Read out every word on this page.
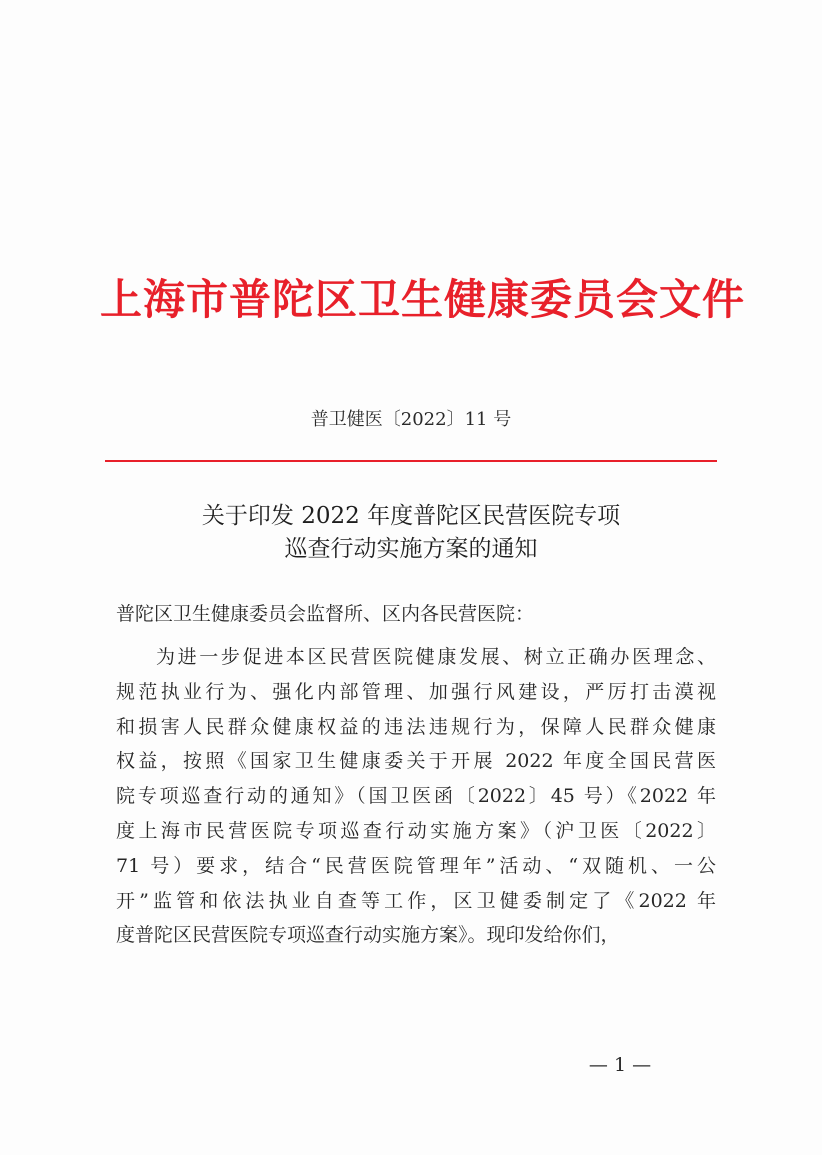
上海市普陀区卫生健康委员会文件
普卫健医〔2022〕11 号
关于印发 2022 年度普陀区民营医院专项
巡查行动实施方案的通知
普陀区卫生健康委员会监督所、区内各民营医院：
为进一步促进本区民营医院健康发展、树立正确办医理念、
规范执业行为、强化内部管理、加强行风建设，严厉打击漠视
和损害人民群众健康权益的违法违规行为，保障人民群众健康
权益，按照《国家卫生健康委关于开展 2022 年度全国民营医
院专项巡查行动的通知》（国卫医函〔2022〕45 号）《2022 年
度上海市民营医院专项巡查行动实施方案》（沪卫医〔2022〕
71 号）要求，结合“民营医院管理年”活动、“双随机、一公
开”监管和依法执业自查等工作，区卫健委制定了《2022 年
度普陀区民营医院专项巡查行动实施方案》。现印发给你们，
— 1 —
